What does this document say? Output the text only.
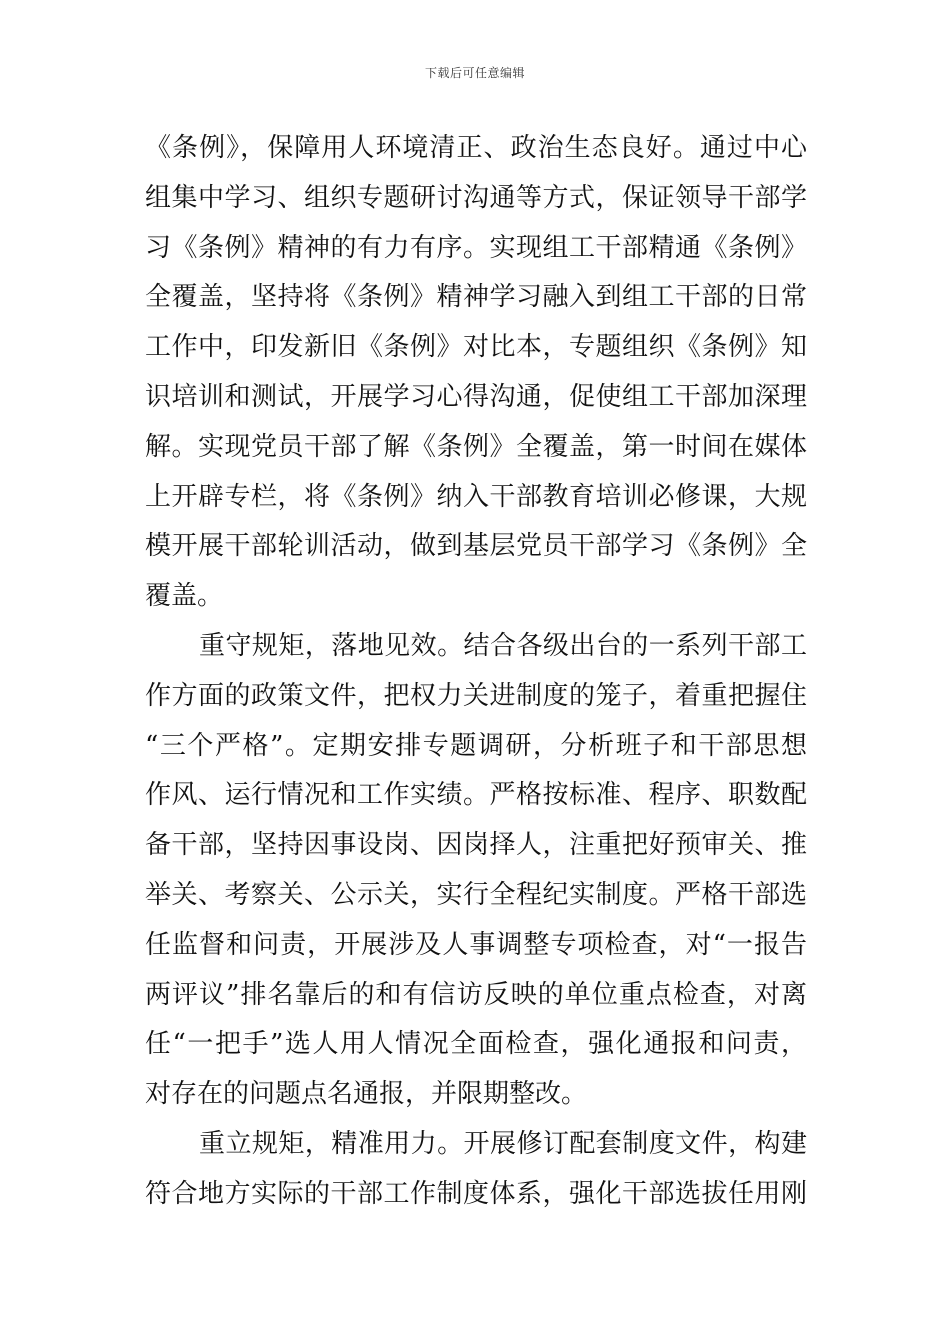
下载后可任意编辑
《条例》，保障用人环境清正、政治生态良好。通过中心
组集中学习、组织专题研讨沟通等方式，保证领导干部学
习《条例》精神的有力有序。实现组工干部精通《条例》
全覆盖，坚持将《条例》精神学习融入到组工干部的日常
工作中，印发新旧《条例》对比本，专题组织《条例》知
识培训和测试，开展学习心得沟通，促使组工干部加深理
解。实现党员干部了解《条例》全覆盖，第一时间在媒体
上开辟专栏，将《条例》纳入干部教育培训必修课，大规
模开展干部轮训活动，做到基层党员干部学习《条例》全
覆盖。
重守规矩，落地见效。结合各级出台的一系列干部工
作方面的政策文件，把权力关进制度的笼子，着重把握住
“三个严格”。定期安排专题调研，分析班子和干部思想
作风、运行情况和工作实绩。严格按标准、程序、职数配
备干部，坚持因事设岗、因岗择人，注重把好预审关、推
举关、考察关、公示关，实行全程纪实制度。严格干部选
任监督和问责，开展涉及人事调整专项检查，对“一报告
两评议”排名靠后的和有信访反映的单位重点检查，对离
任“一把手”选人用人情况全面检查，强化通报和问责，
对存在的问题点名通报，并限期整改。
重立规矩，精准用力。开展修订配套制度文件，构建
符合地方实际的干部工作制度体系，强化干部选拔任用刚
